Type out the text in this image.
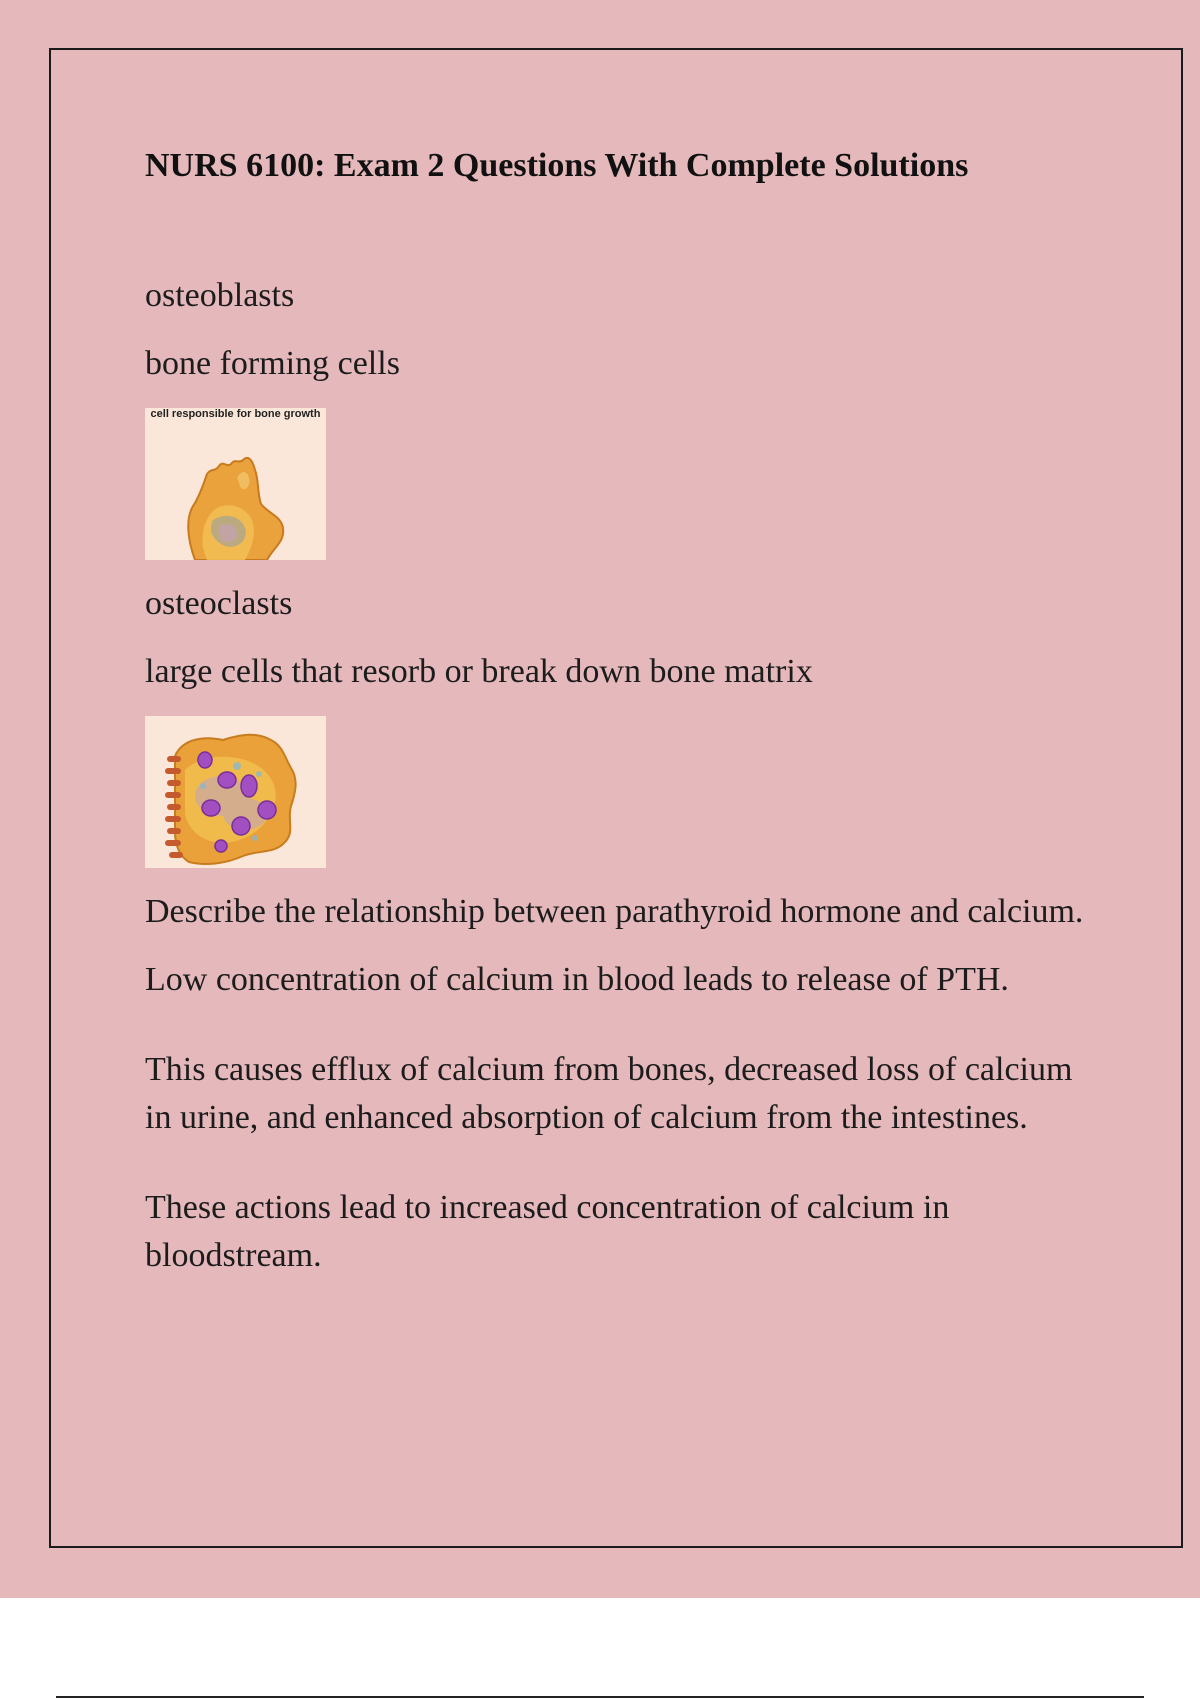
NURS 6100: Exam 2 Questions With Complete Solutions

osteoblasts

bone forming cells

cell responsible for bone growth

osteoclasts

large cells that resorb or break down bone matrix

Describe the relationship between parathyroid hormone and calcium.

Low concentration of calcium in blood leads to release of PTH.

This causes efflux of calcium from bones, decreased loss of calcium in urine, and enhanced absorption of calcium from the intestines.

These actions lead to increased concentration of calcium in bloodstream.
